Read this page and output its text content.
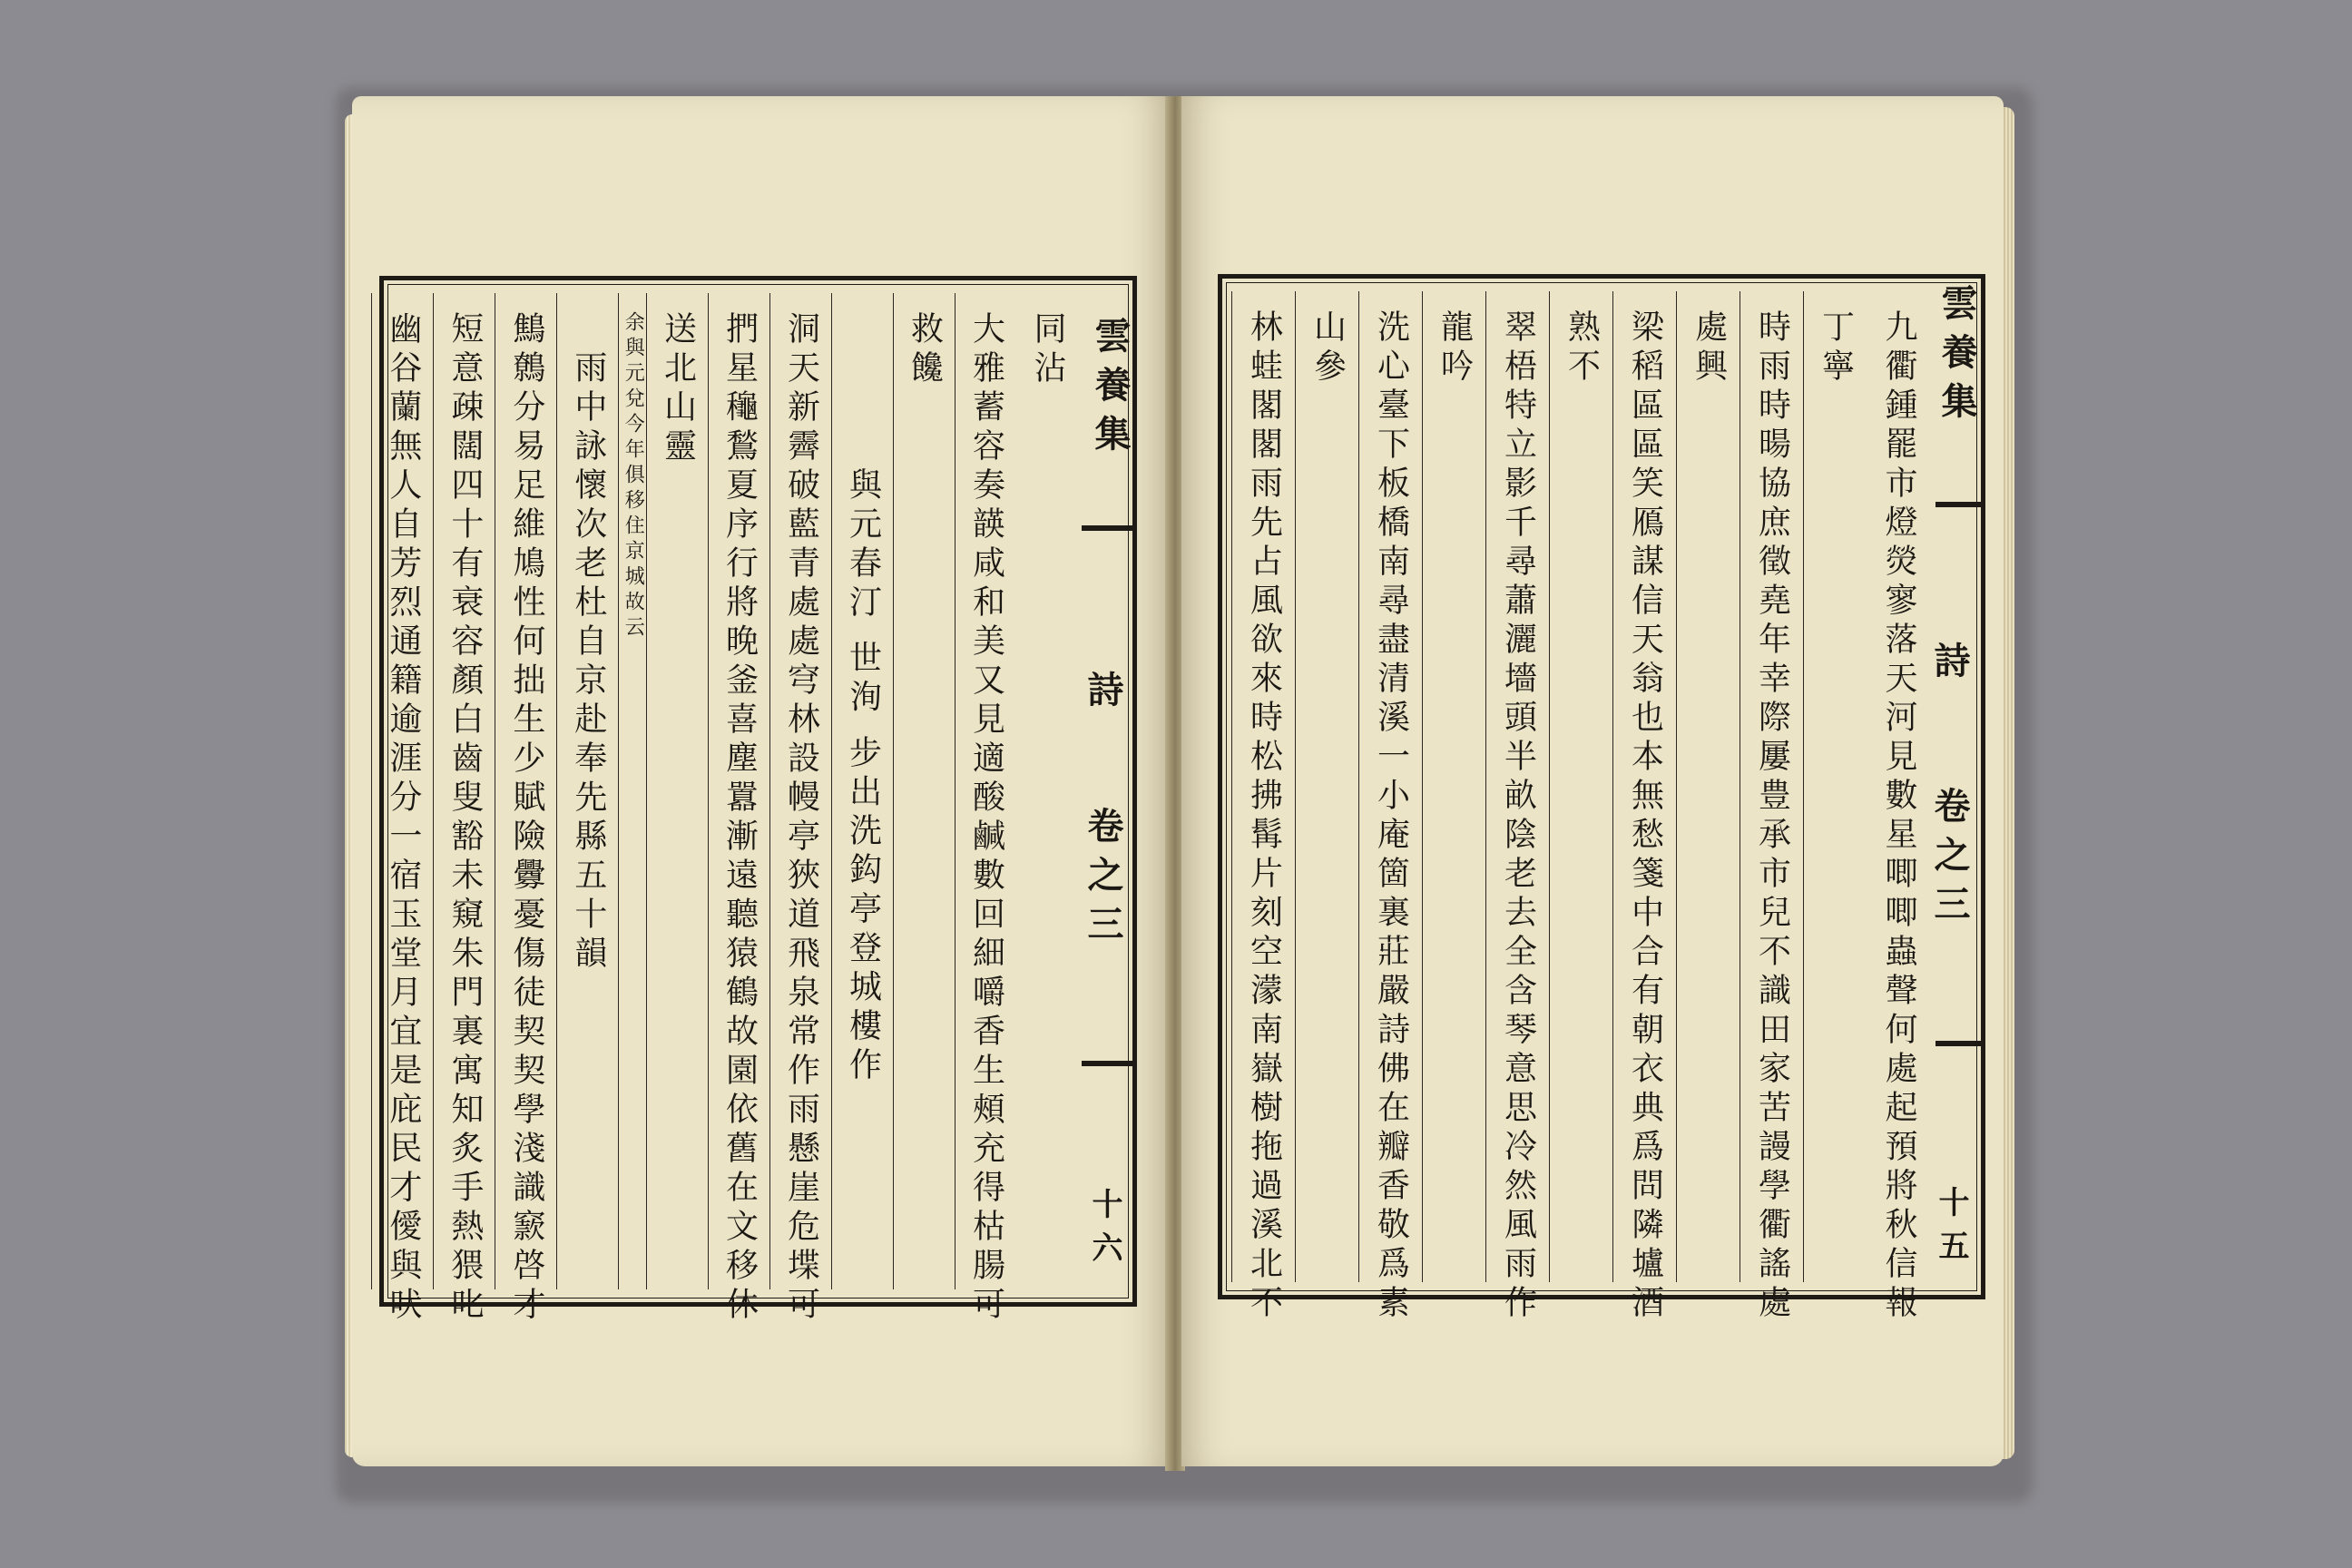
同沾
大雅蓄容奏韺咸和美又見適酸鹹數回細嚼香生頰充得枯腸可
救饞
與元春汀 世洵 步出洗鈎亭登城樓作
洞天新霽破藍青處處穹林設幔亭狹道飛泉常作雨懸崖危堞可
捫星龝鶖夏序行將晚釜喜塵囂漸遠聽猿鶴故園依舊在文移休
送北山靈
余與元兌今年俱移住京城故云
雨中詠懷次老杜自京赴奉先縣五十韻
鷦鷯分易足維鳩性何拙生少賦險釁憂傷徒契契學淺識窾啓才
短意疎闊四十有衰容顏白齒叟豁未窺朱門裏寓知炙手熱猥叱
幽谷蘭無人自芳烈通籍逾涯分一宿玉堂月宜是庇民才僾與吠	雲養集
詩
卷之三
十六	九衢鍾罷市燈熒寥落天河見數星唧唧蟲聲何處起預將秋信報
丁寧
時雨時暘協庶徵堯年幸際屢豊承市兒不識田家苦謾學衢謠處
處興
梁稻區區笑鴈謀信天翁也本無愁箋中合有朝衣典爲問隣壚酒
熟不
翠梧特立影千尋蕭灑墻頭半畝陰老去全含琴意思冷然風雨作
龍吟
洗心臺下板橋南尋盡清溪一小庵箇裏莊嚴詩佛在瓣香敬爲素
山參
林蛙閣閣雨先占風欲來時松拂髯片刻空濛南嶽樹拖過溪北不	雲養集
詩
卷之三
十五
